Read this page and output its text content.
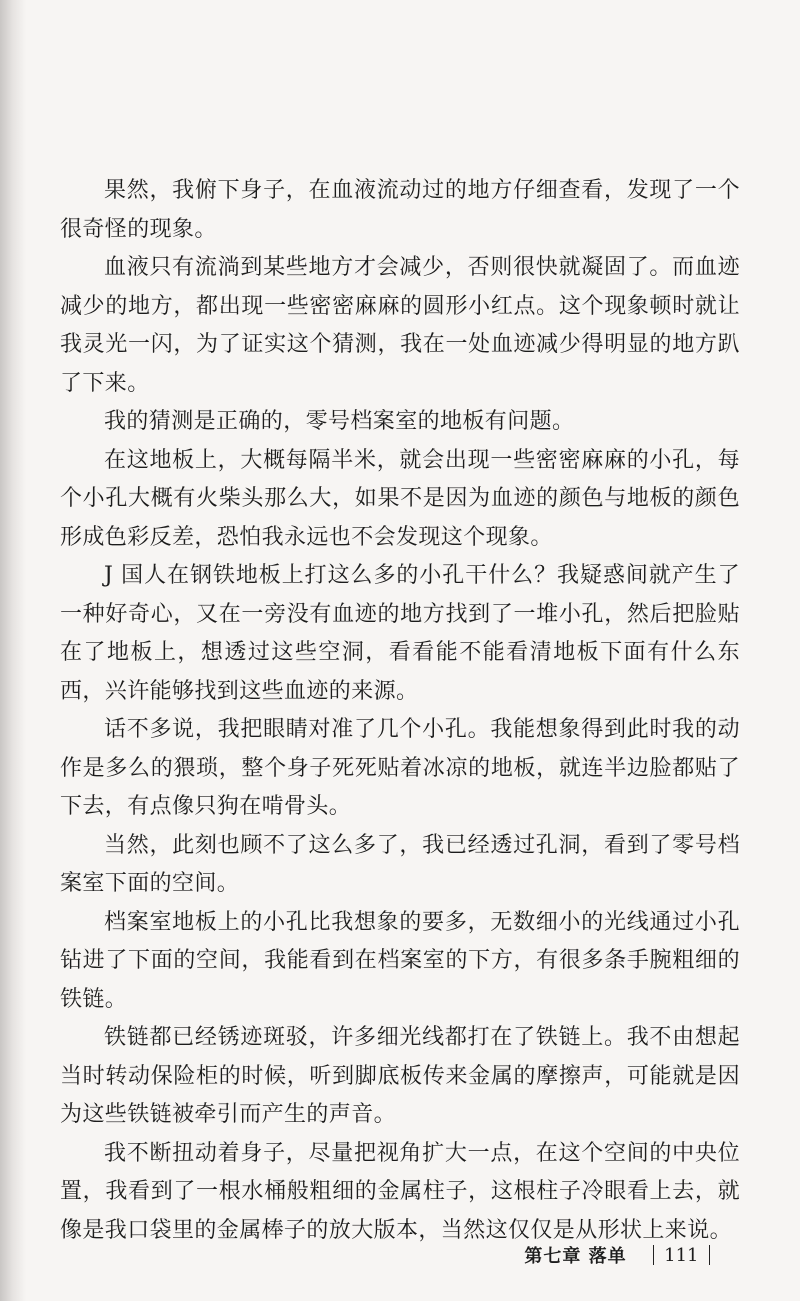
果然，我俯下身子，在血液流动过的地方仔细查看，发现了一个很奇怪的现象。

血液只有流淌到某些地方才会减少，否则很快就凝固了。而血迹减少的地方，都出现一些密密麻麻的圆形小红点。这个现象顿时就让我灵光一闪，为了证实这个猜测，我在一处血迹减少得明显的地方趴了下来。

我的猜测是正确的，零号档案室的地板有问题。

在这地板上，大概每隔半米，就会出现一些密密麻麻的小孔，每个小孔大概有火柴头那么大，如果不是因为血迹的颜色与地板的颜色形成色彩反差，恐怕我永远也不会发现这个现象。

J 国人在钢铁地板上打这么多的小孔干什么？我疑惑间就产生了一种好奇心，又在一旁没有血迹的地方找到了一堆小孔，然后把脸贴在了地板上，想透过这些空洞，看看能不能看清地板下面有什么东西，兴许能够找到这些血迹的来源。

话不多说，我把眼睛对准了几个小孔。我能想象得到此时我的动作是多么的猥琐，整个身子死死贴着冰凉的地板，就连半边脸都贴了下去，有点像只狗在啃骨头。

当然，此刻也顾不了这么多了，我已经透过孔洞，看到了零号档案室下面的空间。

档案室地板上的小孔比我想象的要多，无数细小的光线通过小孔钻进了下面的空间，我能看到在档案室的下方，有很多条手腕粗细的铁链。

铁链都已经锈迹斑驳，许多细光线都打在了铁链上。我不由想起当时转动保险柜的时候，听到脚底板传来金属的摩擦声，可能就是因为这些铁链被牵引而产生的声音。

我不断扭动着身子，尽量把视角扩大一点，在这个空间的中央位置，我看到了一根水桶般粗细的金属柱子，这根柱子冷眼看上去，就像是我口袋里的金属棒子的放大版本，当然这仅仅是从形状上来说。

第七章 落单 111
